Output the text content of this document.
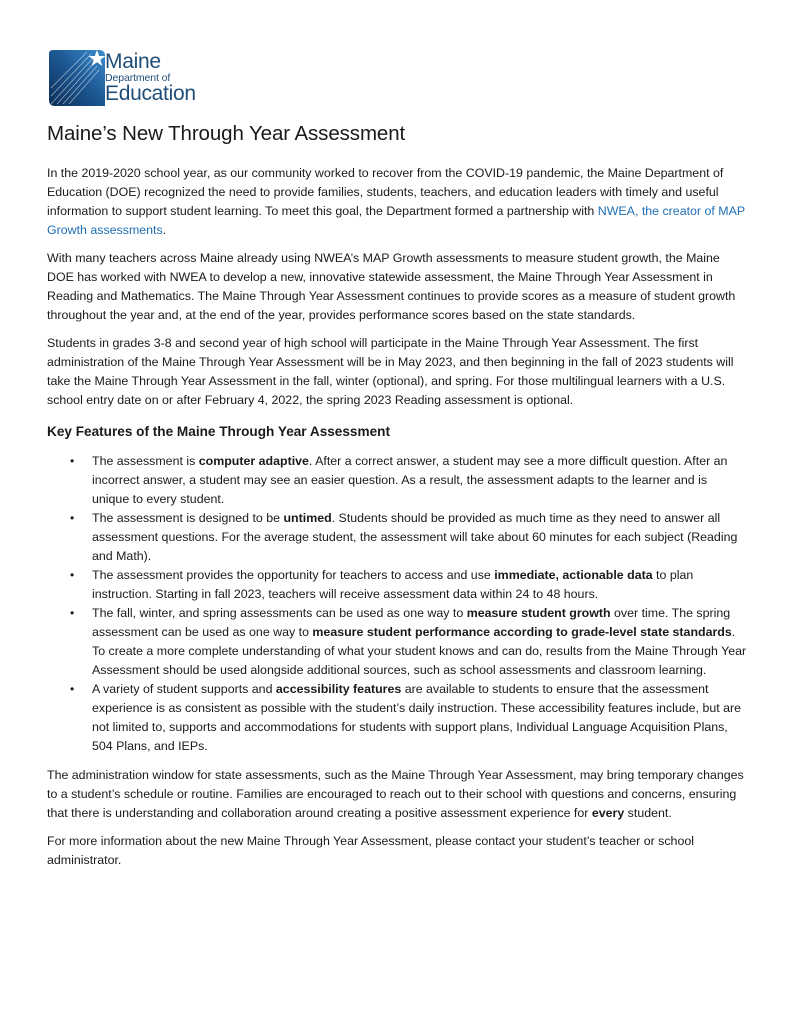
Maine
Department of
Education
Maine’s New Through Year Assessment

In the 2019-2020 school year, as our community worked to recover from the COVID-19 pandemic, the Maine Department of Education (DOE) recognized the need to provide families, students, teachers, and education leaders with timely and useful information to support student learning. To meet this goal, the Department formed a partnership with NWEA, the creator of MAP Growth assessments.

With many teachers across Maine already using NWEA’s MAP Growth assessments to measure student growth, the Maine DOE has worked with NWEA to develop a new, innovative statewide assessment, the Maine Through Year Assessment in Reading and Mathematics. The Maine Through Year Assessment continues to provide scores as a measure of student growth throughout the year and, at the end of the year, provides performance scores based on the state standards.

Students in grades 3-8 and second year of high school will participate in the Maine Through Year Assessment. The first administration of the Maine Through Year Assessment will be in May 2023, and then beginning in the fall of 2023 students will take the Maine Through Year Assessment in the fall, winter (optional), and spring. For those multilingual learners with a U.S. school entry date on or after February 4, 2022, the spring 2023 Reading assessment is optional.

Key Features of the Maine Through Year Assessment
• The assessment is computer adaptive. After a correct answer, a student may see a more difficult question. After an incorrect answer, a student may see an easier question. As a result, the assessment adapts to the learner and is unique to every student.
• The assessment is designed to be untimed. Students should be provided as much time as they need to answer all assessment questions. For the average student, the assessment will take about 60 minutes for each subject (Reading and Math).
• The assessment provides the opportunity for teachers to access and use immediate, actionable data to plan instruction. Starting in fall 2023, teachers will receive assessment data within 24 to 48 hours.
• The fall, winter, and spring assessments can be used as one way to measure student growth over time. The spring assessment can be used as one way to measure student performance according to grade-level state standards. To create a more complete understanding of what your student knows and can do, results from the Maine Through Year Assessment should be used alongside additional sources, such as school assessments and classroom learning.
• A variety of student supports and accessibility features are available to students to ensure that the assessment experience is as consistent as possible with the student’s daily instruction. These accessibility features include, but are not limited to, supports and accommodations for students with support plans, Individual Language Acquisition Plans, 504 Plans, and IEPs.

The administration window for state assessments, such as the Maine Through Year Assessment, may bring temporary changes to a student’s schedule or routine. Families are encouraged to reach out to their school with questions and concerns, ensuring that there is understanding and collaboration around creating a positive assessment experience for every student.

For more information about the new Maine Through Year Assessment, please contact your student’s teacher or school administrator.
